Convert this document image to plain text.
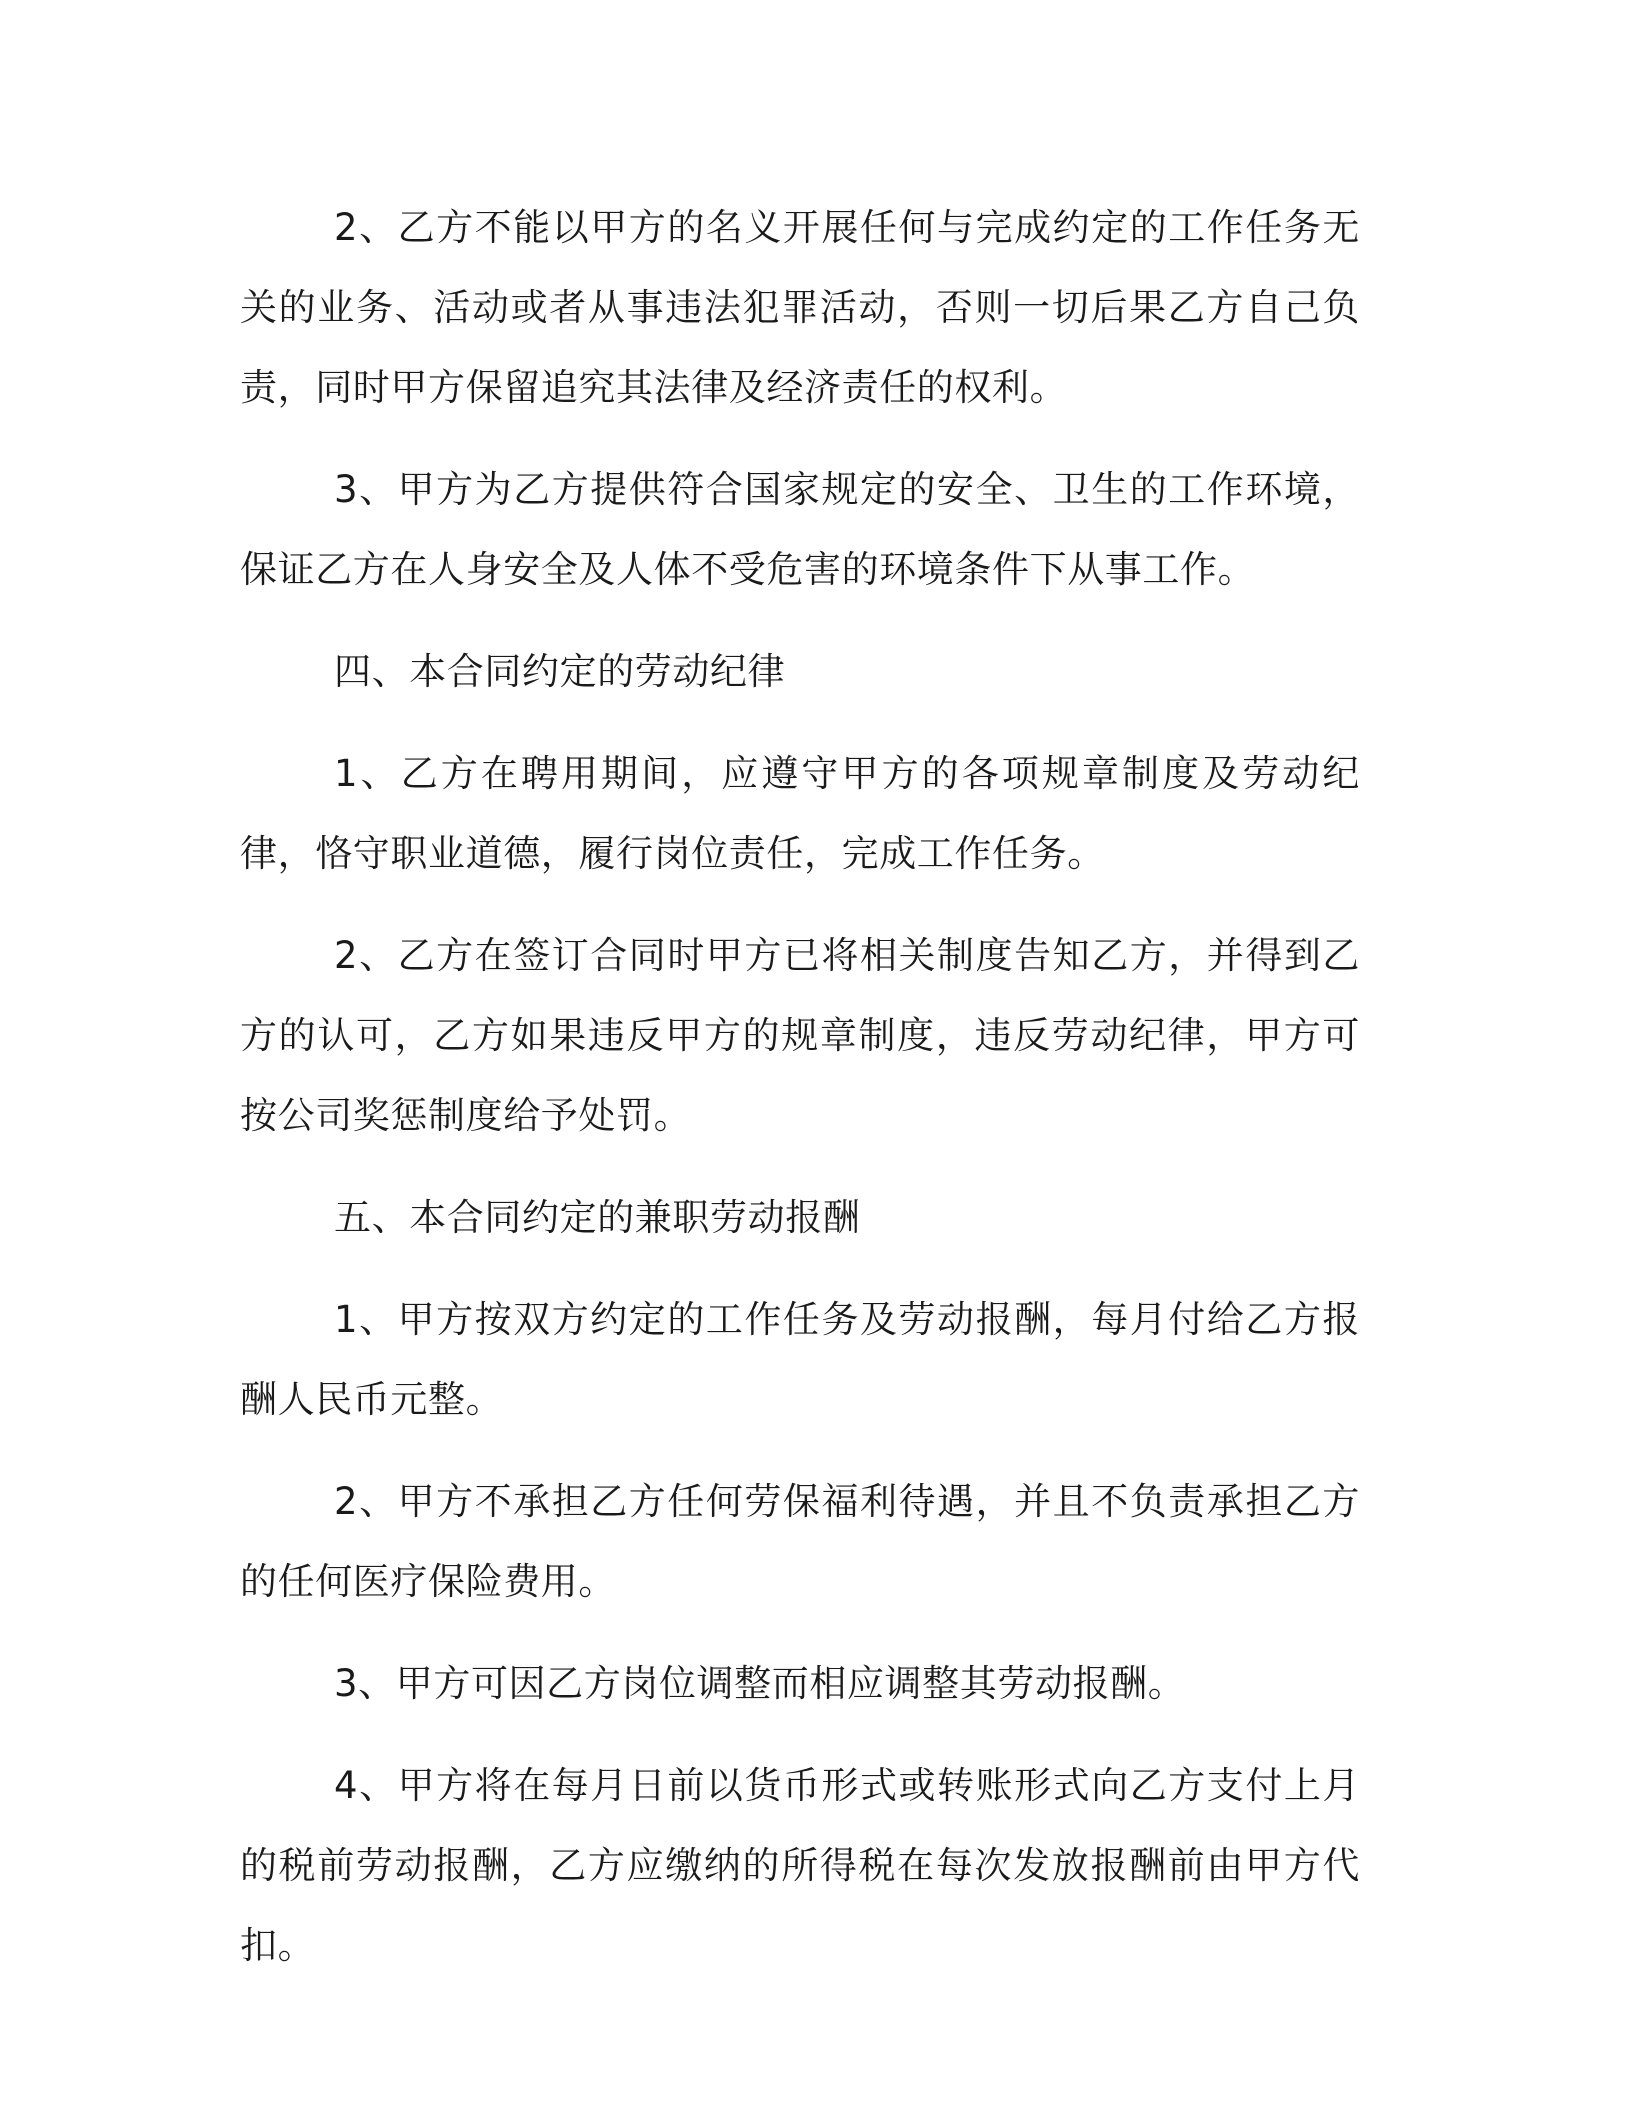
2、乙方不能以甲方的名义开展任何与完成约定的工作任务无关的业务、活动或者从事违法犯罪活动，否则一切后果乙方自己负责，同时甲方保留追究其法律及经济责任的权利。

3、甲方为乙方提供符合国家规定的安全、卫生的工作环境，保证乙方在人身安全及人体不受危害的环境条件下从事工作。

四、本合同约定的劳动纪律

1、乙方在聘用期间，应遵守甲方的各项规章制度及劳动纪律，恪守职业道德，履行岗位责任，完成工作任务。

2、乙方在签订合同时甲方已将相关制度告知乙方，并得到乙方的认可，乙方如果违反甲方的规章制度，违反劳动纪律，甲方可按公司奖惩制度给予处罚。

五、本合同约定的兼职劳动报酬

1、甲方按双方约定的工作任务及劳动报酬，每月付给乙方报酬人民币元整。

2、甲方不承担乙方任何劳保福利待遇，并且不负责承担乙方的任何医疗保险费用。

3、甲方可因乙方岗位调整而相应调整其劳动报酬。

4、甲方将在每月日前以货币形式或转账形式向乙方支付上月的税前劳动报酬，乙方应缴纳的所得税在每次发放报酬前由甲方代扣。
